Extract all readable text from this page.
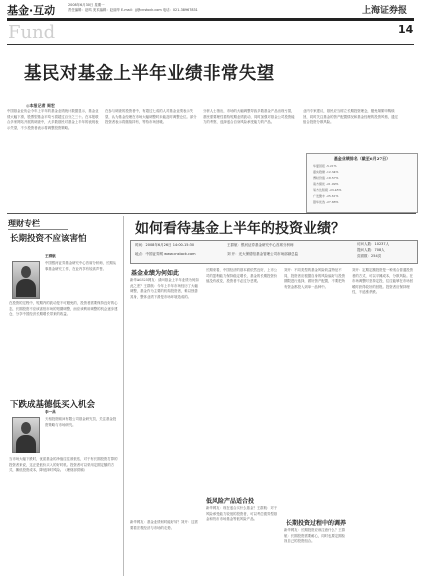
基金·互动	2008年6月30日 星期一
责任编辑：赵鸣 美术编辑：赵丽华 E-mail：jj@cnstock.com 电话：021-38967831	上海证券报
Fund	14
基民对基金上半年业绩非常失望
◎本报记者 周宏
中国基金业协会今年上半年的基金业绩统计数据显示，基金业绩大幅下滑，股票型基金平均亏损超过百分之三十。在本报联合多家网站开展的调查中，大多数基民对基金上半年的表现表示失望，不少投资者表示将调整投资策略。
在参与调查的投资者中，有超过七成的人对基金业绩表示失望，认为基金经理在市场大幅调整时未能及时调整仓位。部分投资者表示将继续持有，等待市场回暖。
分析人士指出，市场的大幅调整导致多数基金产品出现亏损，基民需要理性看待短期业绩波动，同时加强对基金公司投资能力的考察，选择适合自身风险承受能力的产品。
业内专家建议，基民应当树立长期投资理念，避免频繁申购赎回，同时关注基金的资产配置情况和基金经理的投资风格，通过组合投资分散风险。
基金业绩排名（截至6月27日）
华夏回报 -5.21%
嘉实稳健 -12.34%
博时价值 -18.57%
南方绩优 -21.09%
易方达积极 -23.45%
广发聚丰 -25.61%
银华优选 -27.88%
理财专栏
长期投资不应该害怕
王群航
中国银河证券基金研究中心首席分析师，长期从事基金研究工作，在业内享有较高声誉。
在投资的过程中，短期内的波动是不可避免的，投资者需要保持良好的心态，长期投资不应该害怕市场的短期调整，而应该利用调整的机会逐步建仓，分享中国经济长期增长带来的收益。
下跌成基德低买入机会
李一昌
天相投资顾问有限公司基金研究员，关注基金投资策略与市场研究。
当市场大幅下跌时，优质基金的净值往往被低估，对于有长期投资打算的投资者来说，这正是低价买入的好时机。投资者可以采用定期定额的方式，摊低投资成本，降低择时风险。（理财部供稿）
如何看待基金上半年的投资业绩？
时间：2008年6月26日 14:00-15:30
地点：中国证券网 www.cnstock.com
王群航：银河证券基金研究中心首席分析师
刘 开：光大保德信基金管理公司市场部副总监
访问人数：10237人
提问人数：708人
页面数：254页
基金业绩为何如此
新华A0325网友：请问基金上半年业绩为何如此之差？王群航：今年上半年市场经历了大幅调整，基金作为主要的机构投资者，难以独善其身，整体业绩下滑是市场环境造成的。
新华网友：基金业绩何时能好转？刘开：这需要看宏观经济与市场的走势。
长期来看，中国经济的基本面依然良好，上市公司的盈利能力保持稳定增长，基金的长期投资价值没有改变，投资者不必过分悲观。
低风险产品适合投
新华网友：现在适合买什么基金？王群航：对于风险承受能力较低的投资者，可以考虑债券型基金和货币市场基金等低风险产品。
刘开：不同类型的基金风险收益特征不同，投资者应根据自身的风险偏好与投资期限进行选择，做好资产配置，不要把所有资金都投入到单一品种中。
长期投资过程中的调养
新华网友：长期投资应该注意什么？王群航：长期投资需要耐心，同时也要定期检视自己的投资组合。
刘开：定期定额投资是一种适合普通投资者的方式，可以平摊成本，分散风险。在市场调整时坚持定投，往往能够在市场回暖时获得较好的回报。投资者应保持理性，不追涨杀跌。
